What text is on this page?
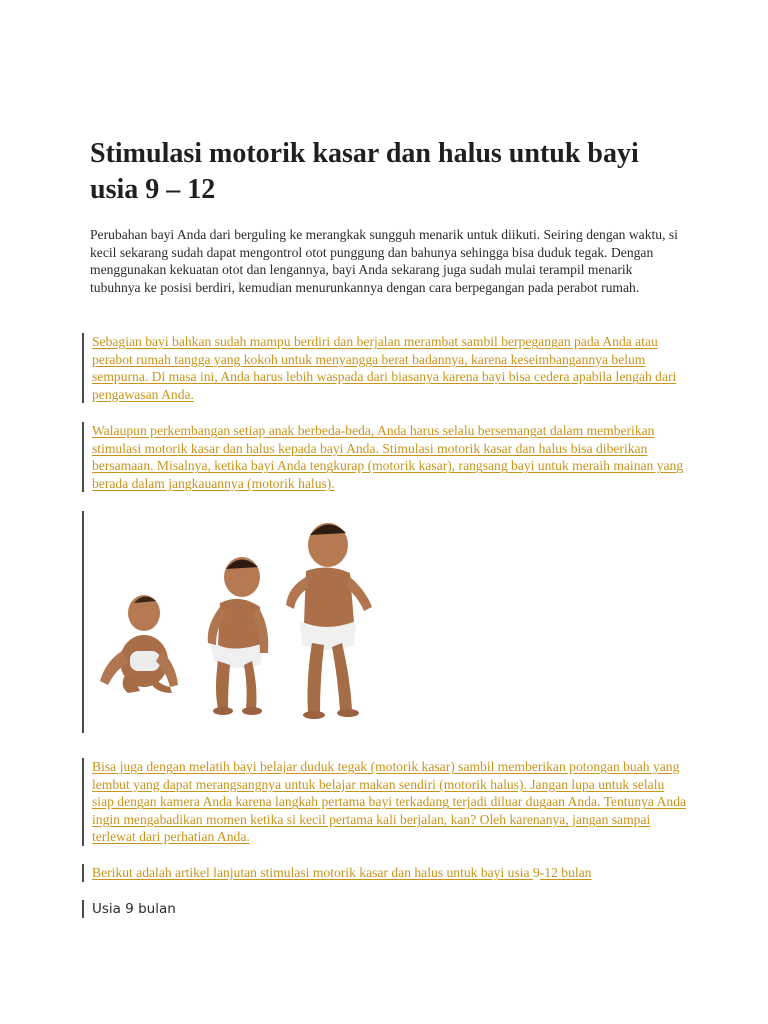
Stimulasi motorik kasar dan halus untuk bayi usia 9 – 12

Perubahan bayi Anda dari berguling ke merangkak sungguh menarik untuk diikuti. Seiring dengan waktu, si kecil sekarang sudah dapat mengontrol otot punggung dan bahunya sehingga bisa duduk tegak. Dengan menggunakan kekuatan otot dan lengannya, bayi Anda sekarang juga sudah mulai terampil menarik tubuhnya ke posisi berdiri, kemudian menurunkannya dengan cara berpegangan pada perabot rumah.

Sebagian bayi bahkan sudah mampu berdiri dan berjalan merambat sambil berpegangan pada Anda atau perabot rumah tangga yang kokoh untuk menyangga berat badannya, karena keseimbangannya belum sempurna. Di masa ini, Anda harus lebih waspada dari biasanya karena bayi bisa cedera apabila lengah dari pengawasan Anda.

Walaupun perkembangan setiap anak berbeda-beda, Anda harus selalu bersemangat dalam memberikan stimulasi motorik kasar dan halus kepada bayi Anda. Stimulasi motorik kasar dan halus bisa diberikan bersamaan. Misalnya, ketika bayi Anda tengkurap (motorik kasar), rangsang bayi untuk meraih mainan yang berada dalam jangkauannya (motorik halus).

Bisa juga dengan melatih bayi belajar duduk tegak (motorik kasar) sambil memberikan potongan buah yang lembut yang dapat merangsangnya untuk belajar makan sendiri (motorik halus). Jangan lupa untuk selalu siap dengan kamera Anda karena langkah pertama bayi terkadang terjadi diluar dugaan Anda. Tentunya Anda ingin mengabadikan momen ketika si kecil pertama kali berjalan, kan? Oleh karenanya, jangan sampai terlewat dari perhatian Anda.

Berikut adalah artikel lanjutan stimulasi motorik kasar dan halus untuk bayi usia 9-12 bulan

Usia 9 bulan
